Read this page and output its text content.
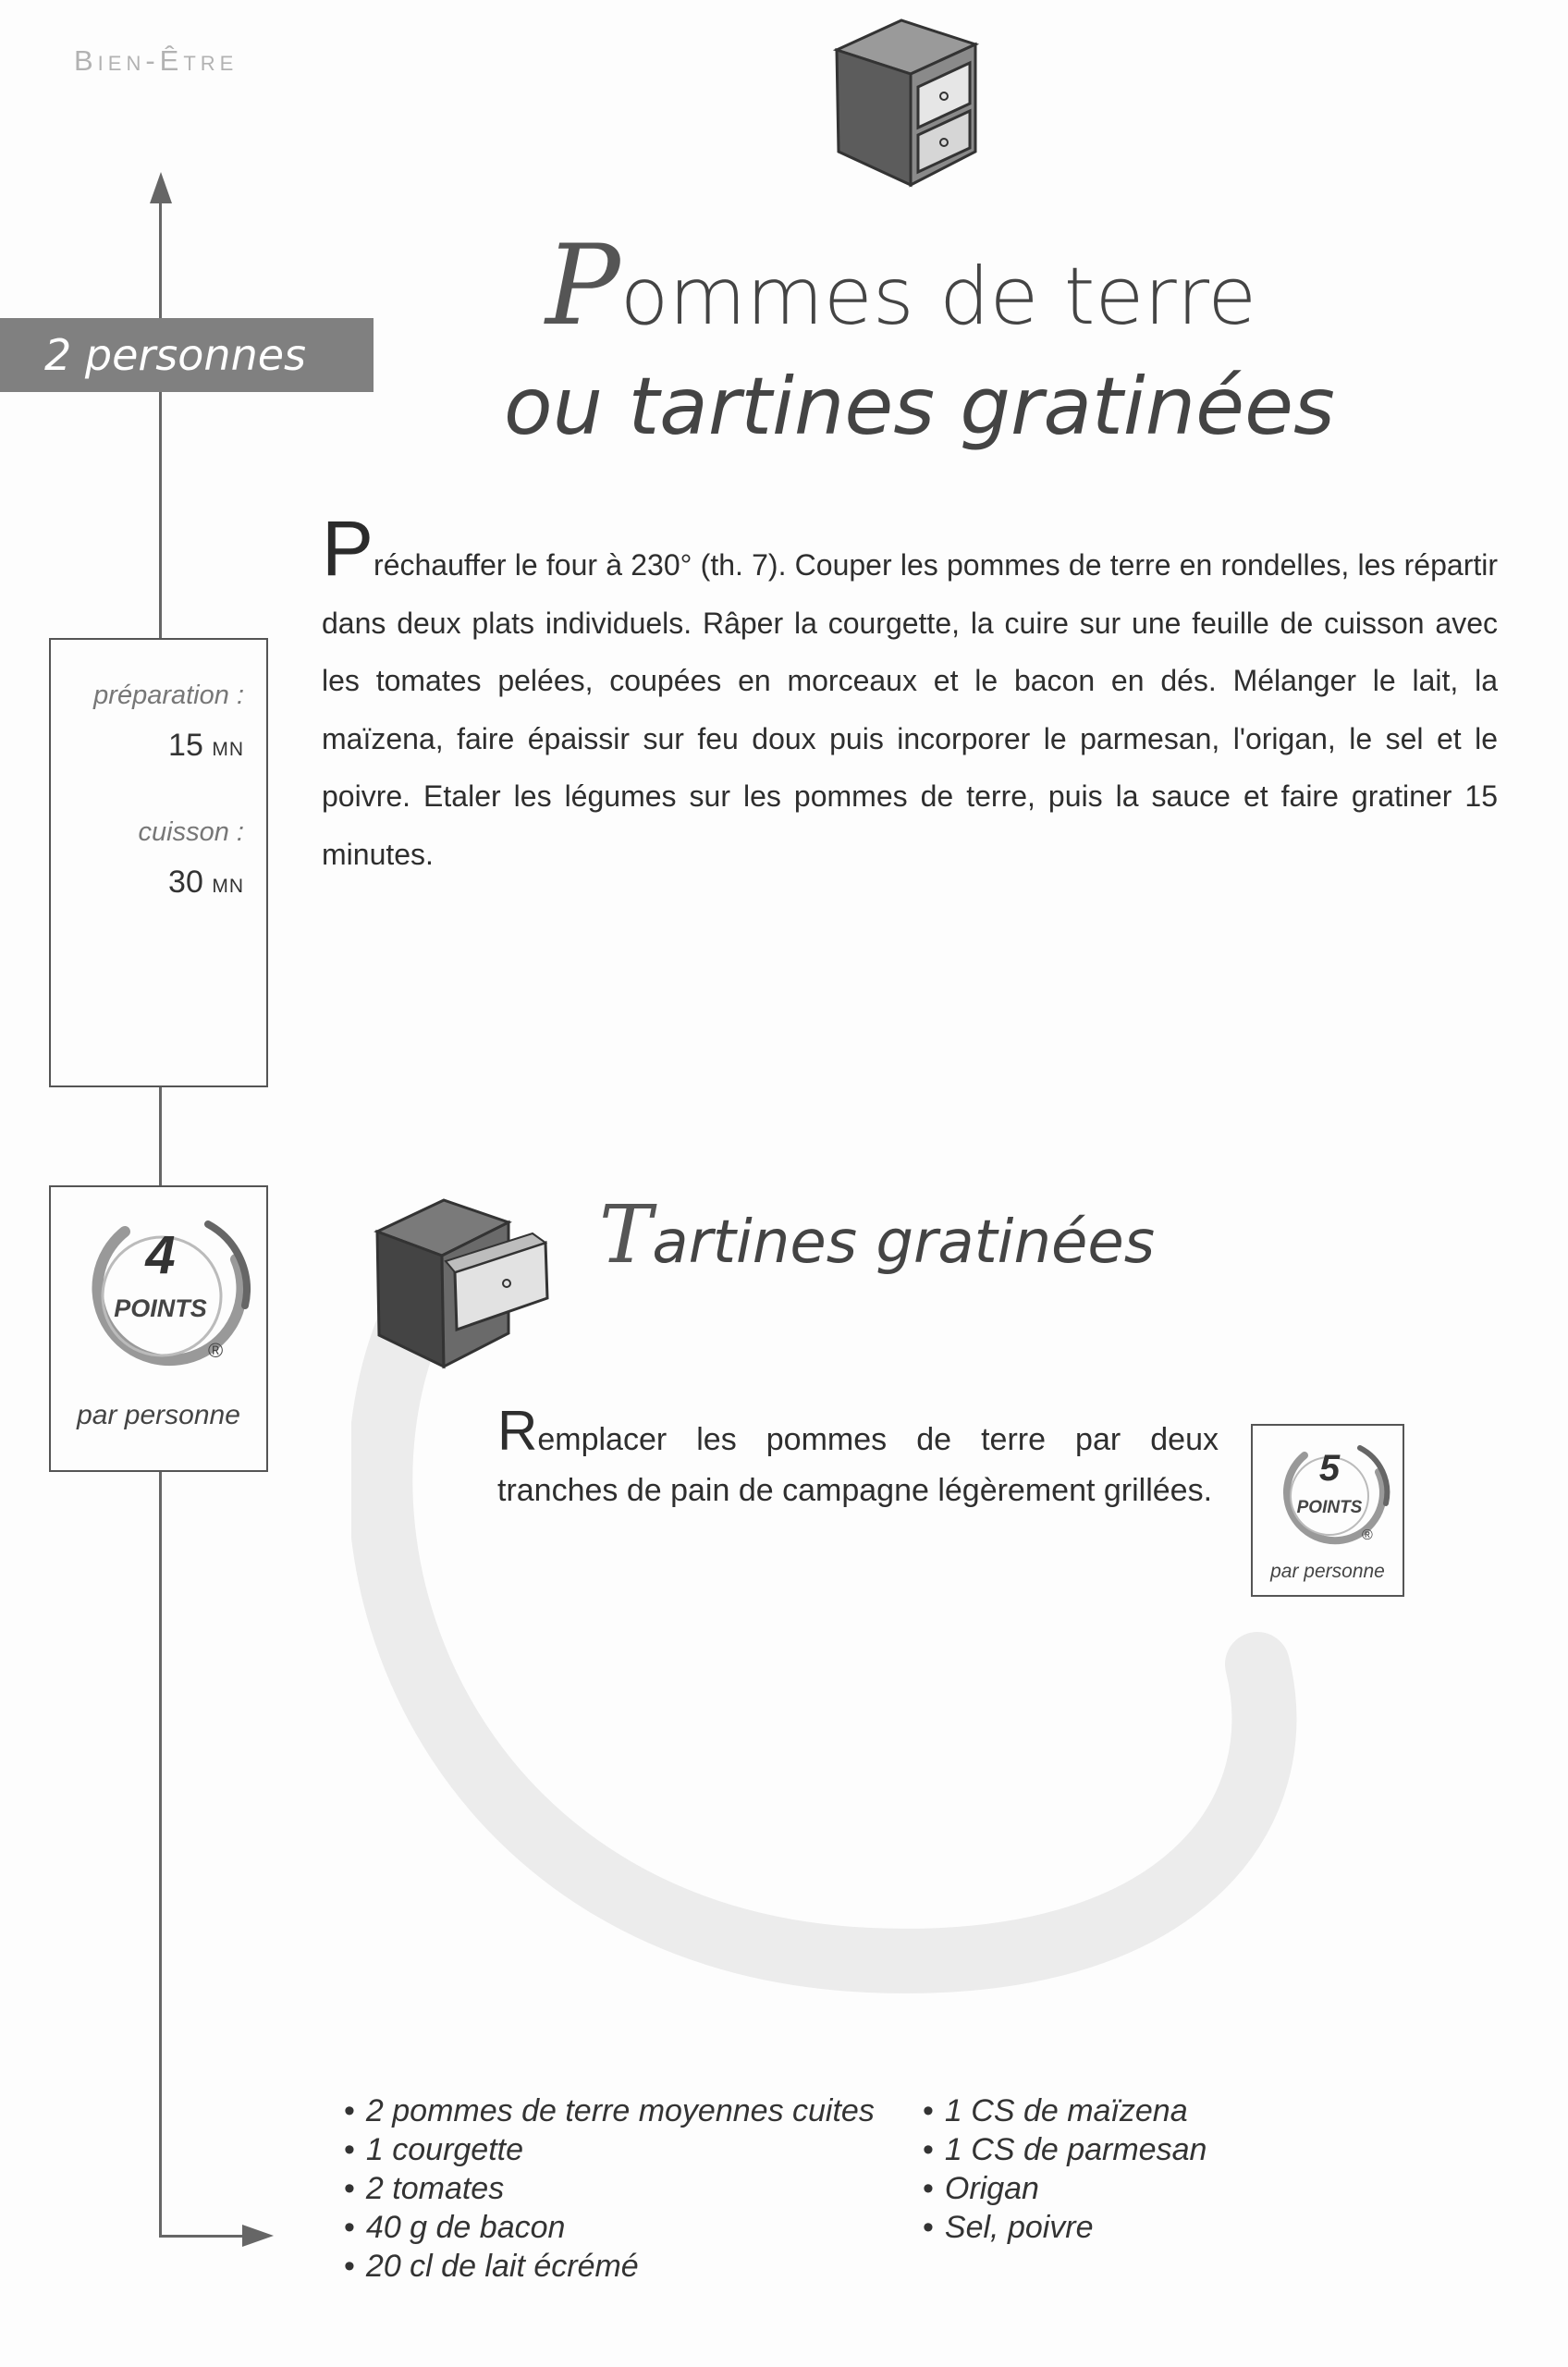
Bien-Être
2 personnes
préparation :
15 mn
cuisson :
30 mn
4
POINTS
®
par personne
Pommes de terre
ou tartines gratinées
Préchauffer le four à 230° (th. 7). Couper les pommes de terre en rondelles, les répartir dans deux plats individuels. Râper la courgette, la cuire sur une feuille de cuisson avec les tomates pelées, coupées en morceaux et le bacon en dés. Mélanger le lait, la maïzena, faire épaissir sur feu doux puis incorporer le parmesan, l'origan, le sel et le poivre. Etaler les légumes sur les pommes de terre, puis la sauce et faire gratiner 15 minutes.
Tartines gratinées
Remplacer les pommes de terre par deux tranches de pain de campagne légèrement grillées.
5
POINTS
®
par personne
• 2 pommes de terre moyennes cuites
• 1 courgette
• 2 tomates
• 40 g de bacon
• 20 cl de lait écrémé
• 1 CS de maïzena
• 1 CS de parmesan
• Origan
• Sel, poivre
